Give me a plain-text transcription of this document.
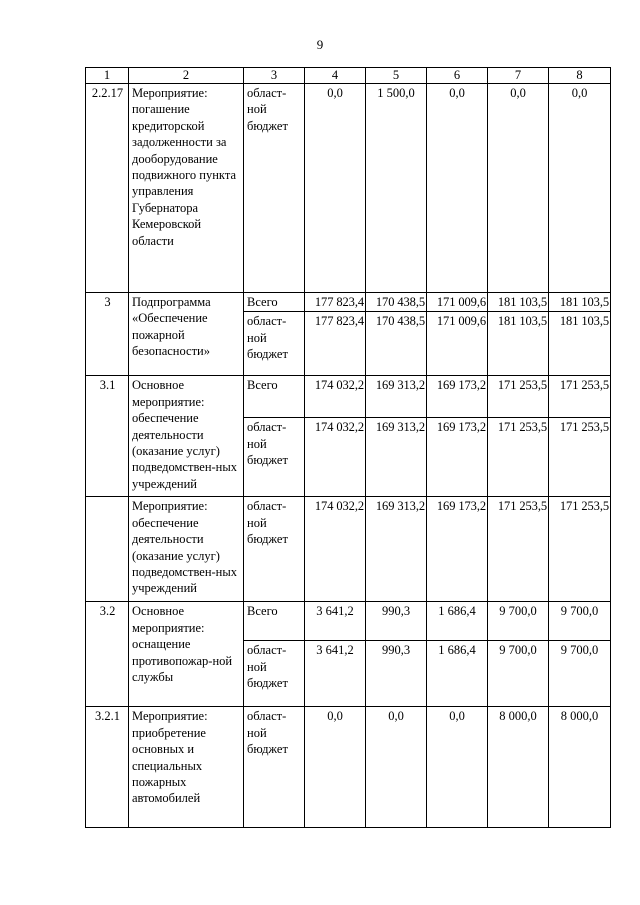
9
1	2	3	4	5	6	7	8
2.2.17	Мероприятие: погашение кредиторской задолженности за дооборудование подвижного пункта управления Губернатора Кемеровской области	област-ной бюджет	0,0	1 500,0	0,0	0,0	0,0
3	Подпрограмма «Обеспечение пожарной безопасности»	Всего	177 823,4	170 438,5	171 009,6	181 103,5	181 103,5
		област-ной бюджет	177 823,4	170 438,5	171 009,6	181 103,5	181 103,5
3.1	Основное мероприятие: обеспечение деятельности (оказание услуг) подведомствен-ных учреждений	Всего	174 032,2	169 313,2	169 173,2	171 253,5	171 253,5
		област-ной бюджет	174 032,2	169 313,2	169 173,2	171 253,5	171 253,5
	Мероприятие: обеспечение деятельности (оказание услуг) подведомствен-ных учреждений	област-ной бюджет	174 032,2	169 313,2	169 173,2	171 253,5	171 253,5
3.2	Основное мероприятие: оснащение противопожар-ной службы	Всего	3 641,2	990,3	1 686,4	9 700,0	9 700,0
		област-ной бюджет	3 641,2	990,3	1 686,4	9 700,0	9 700,0
3.2.1	Мероприятие: приобретение основных и специальных пожарных автомобилей	област-ной бюджет	0,0	0,0	0,0	8 000,0	8 000,0
